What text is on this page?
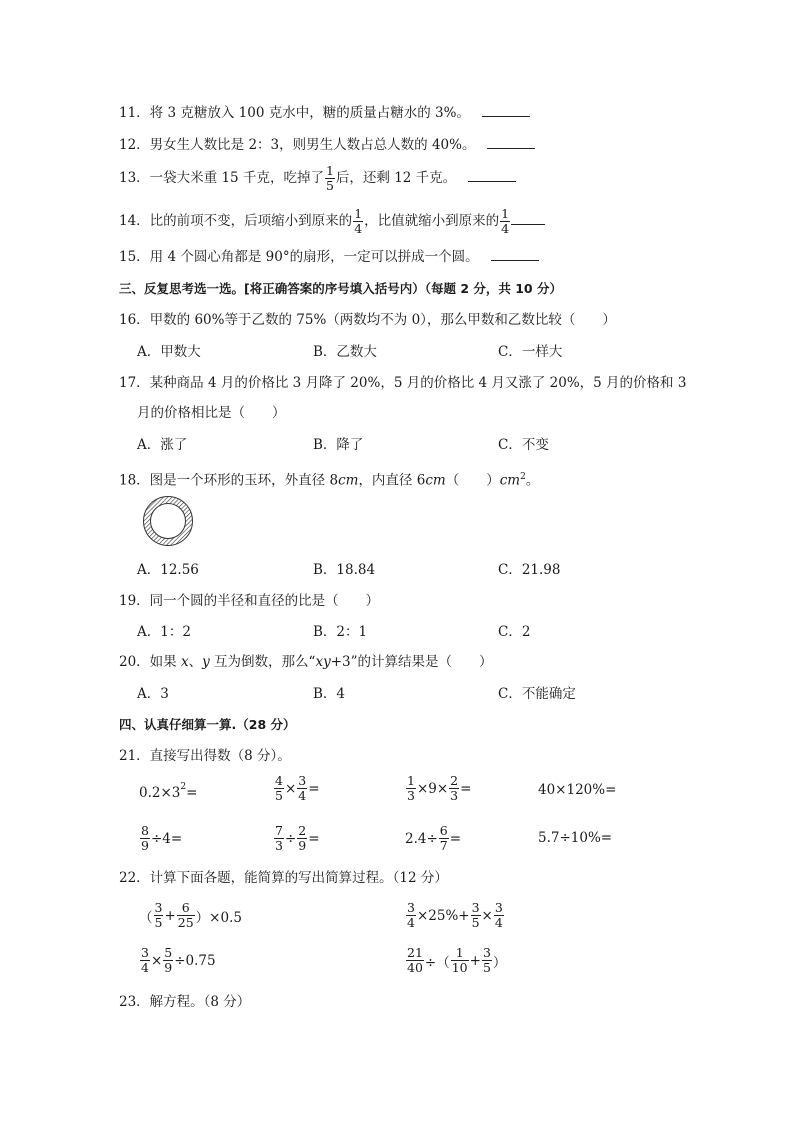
11．将 3 克糖放入 100 克水中，糖的质量占糖水的 3%。
12．男女生人数比是 2：3，则男生人数占总人数的 40%。
13．一袋大米重 15 千克，吃掉了 $\frac{1}{5}$ 后，还剩 12 千克。
14．比的前项不变，后项缩小到原来的 $\frac{1}{4}$ ，比值就缩小到原来的 $\frac{1}{4}$
15．用 4 个圆心角都是 90°的扇形，一定可以拼成一个圆。
三、反复思考选一选。[将正确答案的序号填入括号内）（每题 2 分，共 10 分）
16．甲数的 60%等于乙数的 75%（两数均不为 0），那么甲数和乙数比较（　　）
A．甲数大	B．乙数大	C．一样大
17．某种商品 4 月的价格比 3 月降了 20%，5 月的价格比 4 月又涨了 20%，5 月的价格和 3
月的价格相比是（　　）
A．涨了	B．降了	C．不变
18．图是一个环形的玉环，外直径 8cm，内直径 6cm（　　）$cm^2$。
A．12.56	B．18.84	C．21.98
19．同一个圆的半径和直径的比是（　　）
A．1：2	B．2：1	C．2
20．如果 x、y 互为倒数，那么“xy+3”的计算结果是（　　）
A．3	B．4	C．不能确定
四、认真仔细算一算.（28 分）
21．直接写出得数（8 分）。
$0.2\times 3^2$ =	$\frac{4}{5} \times \frac{3}{4}$ =	$\frac{1}{3} \times 9\times \frac{2}{3}$ =	40×120%=
$\frac{8}{9} \div 4=$	$\frac{7}{3} \div \frac{2}{9}$ =	$2.4\div \frac{6}{7}$ =	5.7÷10%=
22．计算下面各题，能简算的写出简算过程。（12 分）
（ $\frac{3}{5} + \frac{6}{25} )\times 0.5$	$\frac{3}{4} \times 25\%+ \frac{3}{5} \times \frac{3}{4}$
$\frac{3}{4} \times \frac{5}{9} \div 0.75$	$\frac{21}{40}$ ÷（ $\frac{1}{10} + \frac{3}{5}$ ）
23．解方程。（8 分）
